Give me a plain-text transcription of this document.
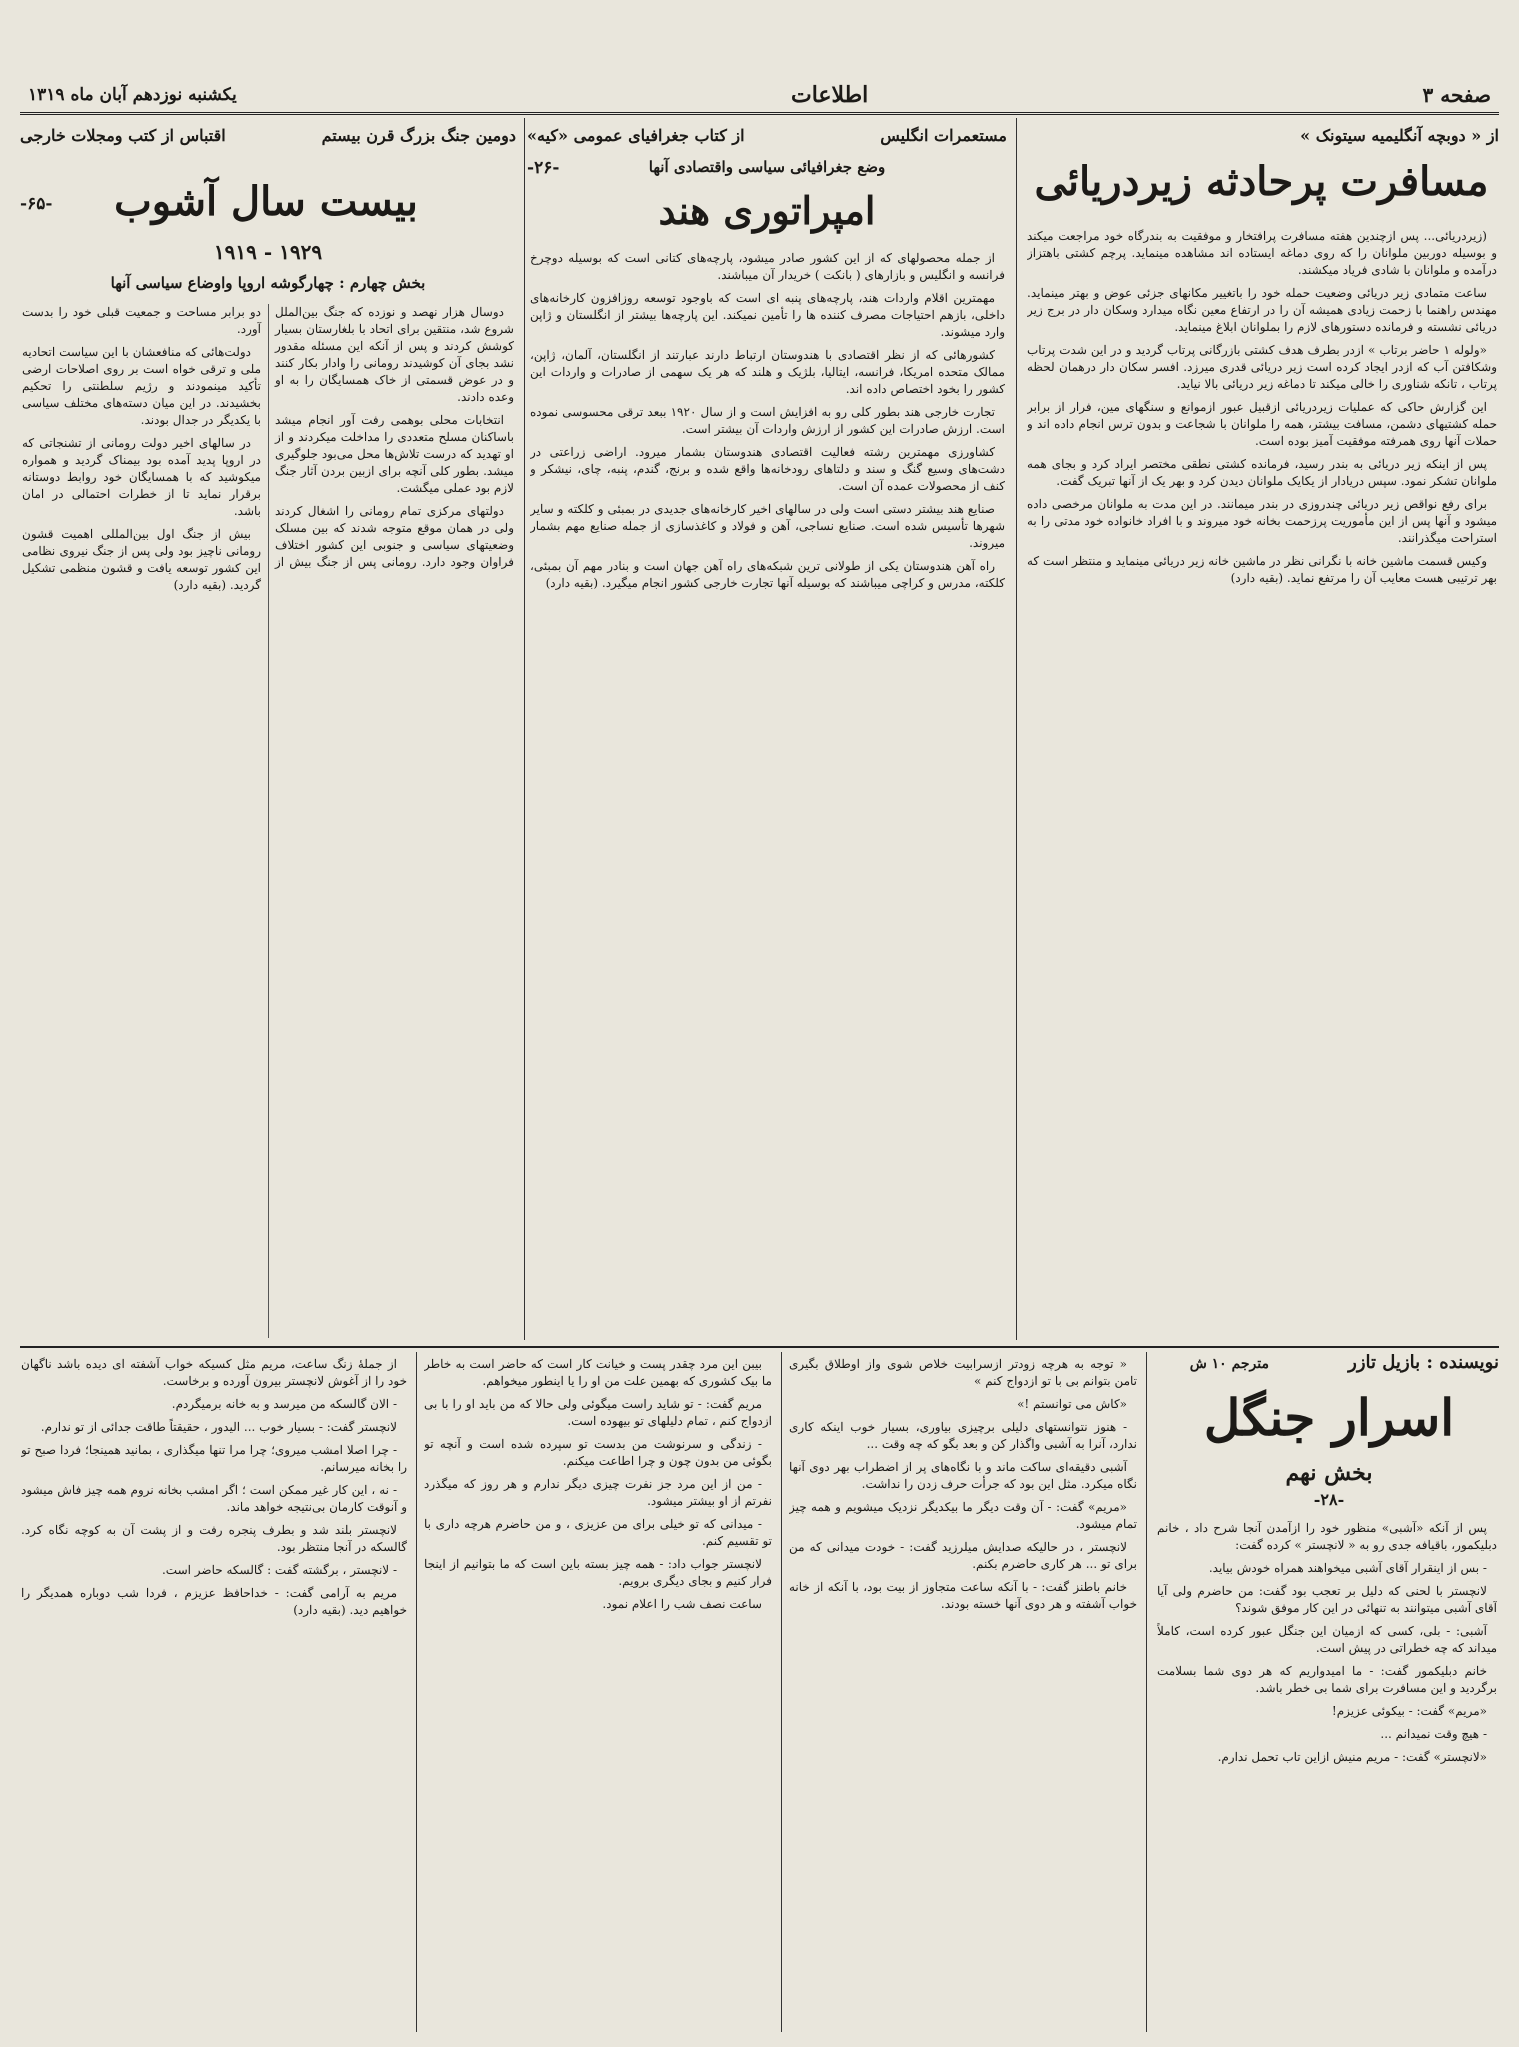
صفحه ۳
اطلاعات
یکشنبه نوزدهم آبان ماه ۱۳۱۹
از « دوبچه آنگلیمیه سیتونک »
مستعمرات انگلیس
از کتاب جغرافیای عمومی «کیه»
دومین جنگ بزرگ قرن بیستم
اقتباس از کتب ومجلات خارجی
مسافرت پرحادثه زیردریائی

(زیردریائی... پس ازچندین هفته مسافرت پرافتخار و موفقیت به بندرگاه خود مراجعت میکند و بوسیله دوربین ملوانان را که روی دماغه ایستاده اند مشاهده مینماید. پرچم کشتی باهتزاز درآمده و ملوانان با شادی فریاد میکشند.

ساعت متمادی زیر دریائی وضعیت حمله خود را باتغییر مکانهای جزئی عوض و بهتر مینماید. مهندس راهنما با زحمت زیادی همیشه آن را در ارتفاع معین نگاه میدارد وسکان دار در برج زیر دریائی نشسته و فرمانده دستورهای لازم را بملوانان ابلاغ مینماید.

«ولوله ۱ حاضر برتاب » ازدر بطرف هدف کشتی بازرگانی پرتاب گردید و در این شدت پرتاب وشکافتن آب که ازدر ایجاد کرده است زیر دریائی قدری میرزد. افسر سکان دار درهمان لحظه پرتاب ، تانکه شناوری را خالی میکند تا دماغه زیر دریائی بالا نیاید.

این گزارش حاکی که عملیات زیردریائی ازقبیل عبور ازموانع و سنگهای مین، فرار از برابر حمله کشتیهای دشمن، مسافت بیشتر، همه را ملوانان با شجاعت و بدون ترس انجام داده اند و حملات آنها روی همرفته موفقیت آمیز بوده است.

پس از اینکه زیر دریائی به بندر رسید، فرمانده کشتی نطقی مختصر ایراد کرد و بجای همه ملوانان تشکر نمود. سپس دریادار از یکایک ملوانان دیدن کرد و بهر یک از آنها تبریک گفت.

برای رفع نواقص زیر دریائی چندروزی در بندر میمانند. در این مدت به ملوانان مرخصی داده میشود و آنها پس از این مأموریت پرزحمت بخانه خود میروند و با افراد خانواده خود مدتی را به استراحت میگذرانند.

وکیس قسمت ماشین خانه با نگرانی نظر در ماشین خانه زیر دریائی مینماید و منتظر است که بهر ترتیبی هست معایب آن را مرتفع نماید. (بقیه دارد)

وضع جغرافیائی سیاسی واقتصادی آنها
-۲۶-
امپراتوری هند

از جمله محصولهای که از این کشور صادر میشود، پارچه‌های کتانی است که بوسیله دوچرخ فرانسه و انگلیس و بازارهای ( بانکت ) خریدار آن میباشند.

مهمترین اقلام واردات هند، پارچه‌های پنبه ای است که باوجود توسعه روزافزون کارخانه‌های داخلی، بازهم احتیاجات مصرف کننده ها را تأمین نمیکند. این پارچه‌ها بیشتر از انگلستان و ژاپن وارد میشوند.

کشورهائی که از نظر اقتصادی با هندوستان ارتباط دارند عبارتند از انگلستان، آلمان، ژاپن، ممالک متحده امریکا، فرانسه، ایتالیا، بلژیک و هلند که هر یک سهمی از صادرات و واردات این کشور را بخود اختصاص داده اند.

تجارت خارجی هند بطور کلی رو به افزایش است و از سال ۱۹۲۰ ببعد ترقی محسوسی نموده است. ارزش صادرات این کشور از ارزش واردات آن بیشتر است.

کشاورزی مهمترین رشته فعالیت اقتصادی هندوستان بشمار میرود. اراضی زراعتی در دشت‌های وسیع گنگ و سند و دلتاهای رودخانه‌ها واقع شده و برنج، گندم، پنبه، چای، نیشکر و کنف از محصولات عمده آن است.

صنایع هند بیشتر دستی است ولی در سالهای اخیر کارخانه‌های جدیدی در بمبئی و کلکته و سایر شهرها تأسیس شده است. صنایع نساجی، آهن و فولاد و کاغذسازی از جمله صنایع مهم بشمار میروند.

راه آهن هندوستان یکی از طولانی ترین شبکه‌های راه آهن جهان است و بنادر مهم آن بمبئی، کلکته، مدرس و کراچی میباشند که بوسیله آنها تجارت خارجی کشور انجام میگیرد. (بقیه دارد)

بیست سال آشوب
-۶۵-
۱۹۲۹ - ۱۹۱۹
بخش چهارم : چهارگوشه اروپا واوضاع سیاسی آنها

دوسال هزار نهصد و نوزده که جنگ بین‌الملل شروع شد، منتقین برای اتحاد با بلغارستان بسیار کوشش کردند و پس از آنکه این مسئله مقدور نشد بجای آن کوشیدند رومانی را وادار بکار کنند و در عوض قسمتی از خاک همسایگان را به او وعده دادند.

انتخابات محلی بوهمی رفت آور انجام میشد باساکنان مسلح متعددی را مداخلت میکردند و از او تهدید که درست تلاش‌ها محل می‌بود جلوگیری میشد. بطور کلی آنچه برای ازبین بردن آثار جنگ لازم بود عملی میگشت.

دولتهای مرکزی تمام رومانی را اشغال کردند ولی در همان موقع متوجه شدند که بین مسلک وضعیتهای سیاسی و جنوبی این کشور اختلاف فراوان وجود دارد. رومانی پس از جنگ بیش از دو برابر مساحت و جمعیت قبلی خود را بدست آورد.

دولت‌هائی که منافعشان با این سیاست اتحادیه ملی و ترقی خواه است بر روی اصلاحات ارضی تأکید مینمودند و رژیم سلطنتی را تحکیم بخشیدند. در این میان دسته‌های مختلف سیاسی با یکدیگر در جدال بودند.

در سالهای اخیر دولت رومانی از تشنجاتی که در اروپا پدید آمده بود بیمناک گردید و همواره میکوشید که با همسایگان خود روابط دوستانه برقرار نماید تا از خطرات احتمالی در امان باشد.

بیش از جنگ اول بین‌المللی اهمیت قشون رومانی ناچیز بود ولی پس از جنگ نیروی نظامی این کشور توسعه یافت و قشون منظمی تشکیل گردید. (بقیه دارد)

نویسنده : بازیل تازر
مترجم ۱۰ ش
اسرار جنگل
بخش نهم
-۲۸-

پس از آنکه «آشبی» منظور خود را ازآمدن آنجا شرح داد ، خانم دبلیکمور، باقیافه جدی رو به « لانچستر » کرده گفت:

- بس از اینقرار آقای آشبی میخواهند همراه خودش بیاید.

لانچستر با لحنی که دلیل بر تعجب بود گفت: من حاضرم ولی آیا آقای آشبی میتوانند به تنهائی در این کار موفق شوند؟

آشبی: - بلی، کسی که ازمیان این جنگل عبور کرده است، کاملاً میداند که چه خطراتی در پیش است.

خانم دبلیکمور گفت: - ما امیدواریم که هر دوی شما بسلامت برگردید و این مسافرت برای شما بی خطر باشد.

«مریم» گفت: - بیکوئی عزیزم!

- هیچ وقت نمیدانم ...

«لانچستر» گفت: - مریم منیش ازاین تاب تحمل ندارم.

« توجه به هرچه زودتر ازسرابیت خلاص شوی واز اوطلاق بگیری تامن بتوانم بی با تو ازدواج کنم »

«کاش می توانستم !»

- هنوز نتوانستهای دلیلی برچیزی بیاوری، بسیار خوب اینکه کاری ندارد، آنرا به آشبی واگذار کن و بعد بگو که چه وقت ...

آشبی دقیقه‌ای ساکت ماند و با نگاه‌های پر از اضطراب بهر دوی آنها نگاه میکرد. مثل این بود که جرأت حرف زدن را نداشت.

«مریم» گفت: - آن وقت دیگر ما بیکدیگر نزدیک میشویم و همه چیز تمام میشود.

لانچستر ، در حالیکه صدایش میلرزید گفت: - خودت میدانی که من برای تو ... هر کاری حاضرم بکنم.

خانم باطنز گفت: - با آنکه ساعت متجاوز از بیت بود، با آنکه از خانه خواب آشفته و هر دوی آنها خسته بودند.

بیبن این مرد چقدر پست و خیانت کار است که حاضر است به خاطر ما بیک کشوری که بهمین علت من او را یا اینطور میخواهم.

مریم گفت: - تو شاید راست میگوئی ولی حالا که من باید او را با بی ازدواج کنم ، تمام دلیلهای تو بیهوده است.

- زندگی و سرنوشت من بدست تو سپرده شده است و آنچه تو بگوئی من بدون چون و چرا اطاعت میکنم.

- من از این مرد جز نفرت چیزی دیگر ندارم و هر روز که میگذرد نفرتم از او بیشتر میشود.

- میدانی که تو خیلی برای من عزیزی ، و من حاضرم هرچه داری با تو تقسیم کنم.

لانچستر جواب داد: - همه چیز بسته باین است که ما بتوانیم از اینجا فرار کنیم و بجای دیگری برویم.

ساعت نصف شب را اعلام نمود.

از جملۀ زنگ ساعت، مریم مثل کسیکه خواب آشفته ای دیده باشد ناگهان خود را از آغوش لانچستر بیرون آورده و برخاست.

- الان گالسکه من میرسد و به خانه برمیگردم.

لانچستر گفت: - بسیار خوب ... الیدور ، حقیقتاً طاقت جدائی از تو ندارم.

- چرا اصلا امشب میروی؛ چرا مرا تنها میگذاری ، بمانید همینجا؛ فردا صبح تو را بخانه میرسانم.

- نه ، این کار غیر ممکن است ؛ اگر امشب بخانه نروم همه چیز فاش میشود و آنوقت کارمان بی‌نتیجه خواهد ماند.

لانچستر بلند شد و بطرف پنجره رفت و از پشت آن به کوچه نگاه کرد. گالسکه در آنجا منتظر بود.

- لانچستر ، برگشته گفت : گالسکه حاضر است.

مریم به آرامی گفت: - خداحافظ عزیزم ، فردا شب دوباره همدیگر را خواهیم دید. (بقیه دارد)
